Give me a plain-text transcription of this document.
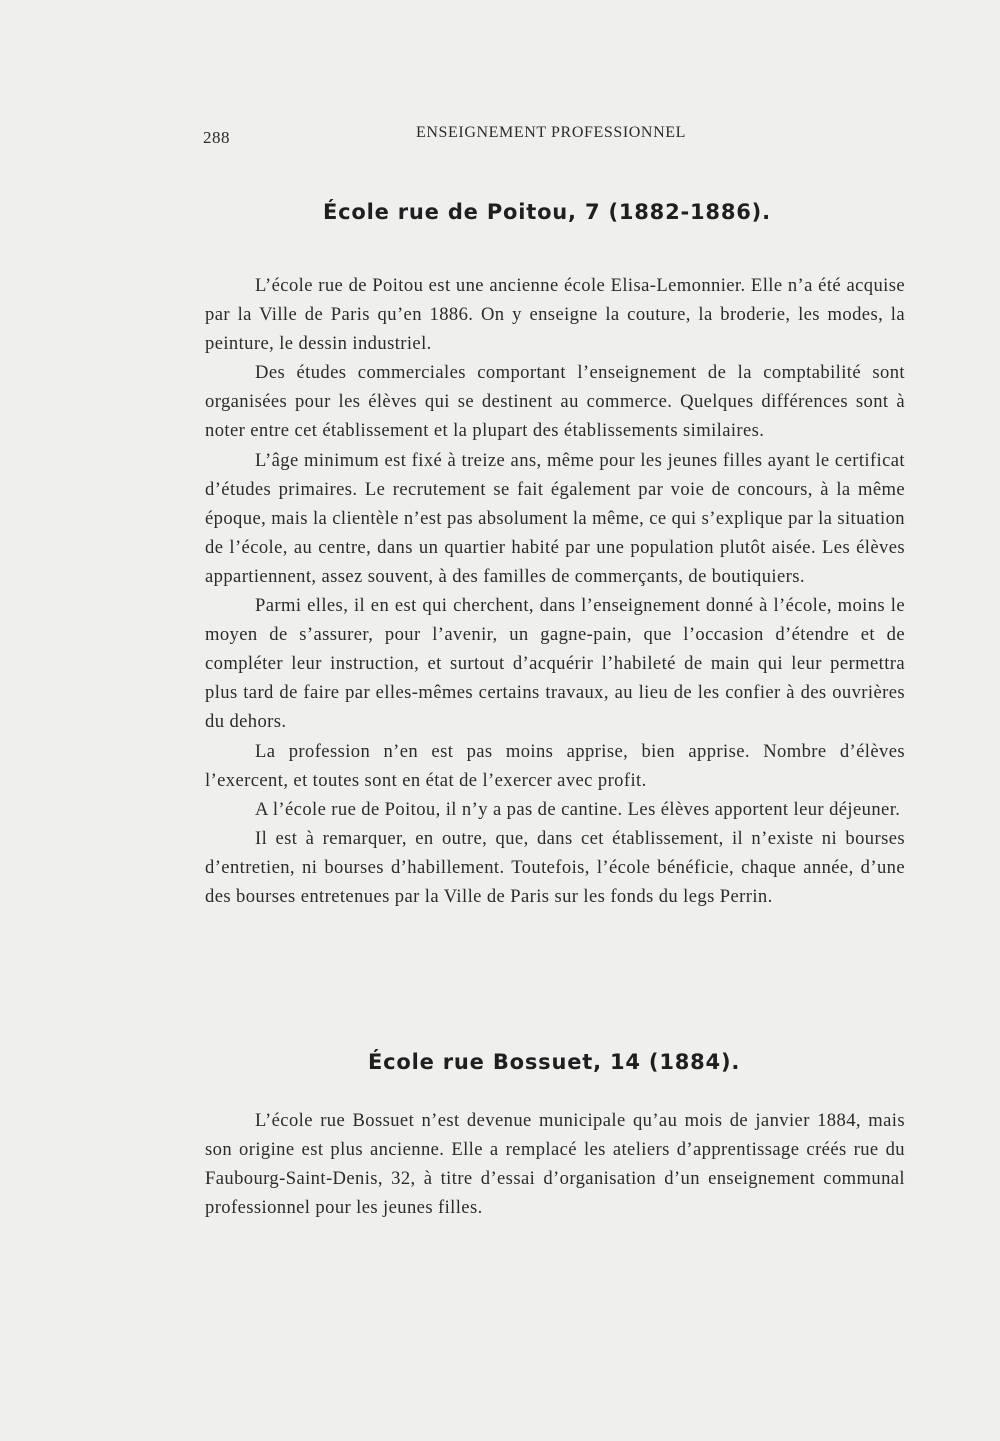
288	ENSEIGNEMENT PROFESSIONNEL
École rue de Poitou, 7 (1882-1886).

L’école rue de Poitou est une ancienne école Elisa-Lemonnier. Elle n’a été acquise par la Ville de Paris qu’en 1886. On y enseigne la couture, la broderie, les modes, la peinture, le dessin industriel.

Des études commerciales comportant l’enseignement de la comptabilité sont organisées pour les élèves qui se destinent au commerce. Quelques différences sont à noter entre cet établissement et la plupart des établissements similaires.

L’âge minimum est fixé à treize ans, même pour les jeunes filles ayant le certificat d’études primaires. Le recrutement se fait également par voie de concours, à la même époque, mais la clientèle n’est pas absolument la même, ce qui s’explique par la situation de l’école, au centre, dans un quartier habité par une population plutôt aisée. Les élèves appartiennent, assez souvent, à des familles de commerçants, de boutiquiers.

Parmi elles, il en est qui cherchent, dans l’enseignement donné à l’école, moins le moyen de s’assurer, pour l’avenir, un gagne-pain, que l’occasion d’étendre et de compléter leur instruction, et surtout d’acquérir l’habileté de main qui leur permettra plus tard de faire par elles-mêmes certains travaux, au lieu de les confier à des ouvrières du dehors.

La profession n’en est pas moins apprise, bien apprise. Nombre d’élèves l’exercent, et toutes sont en état de l’exercer avec profit.

A l’école rue de Poitou, il n’y a pas de cantine. Les élèves apportent leur déjeuner.

Il est à remarquer, en outre, que, dans cet établissement, il n’existe ni bourses d’entretien, ni bourses d’habillement. Toutefois, l’école bénéficie, chaque année, d’une des bourses entretenues par la Ville de Paris sur les fonds du legs Perrin.

École rue Bossuet, 14 (1884).

L’école rue Bossuet n’est devenue municipale qu’au mois de janvier 1884, mais son origine est plus ancienne. Elle a remplacé les ateliers d’apprentissage créés rue du Faubourg-Saint-Denis, 32, à titre d’essai d’organisation d’un enseignement communal professionnel pour les jeunes filles.
